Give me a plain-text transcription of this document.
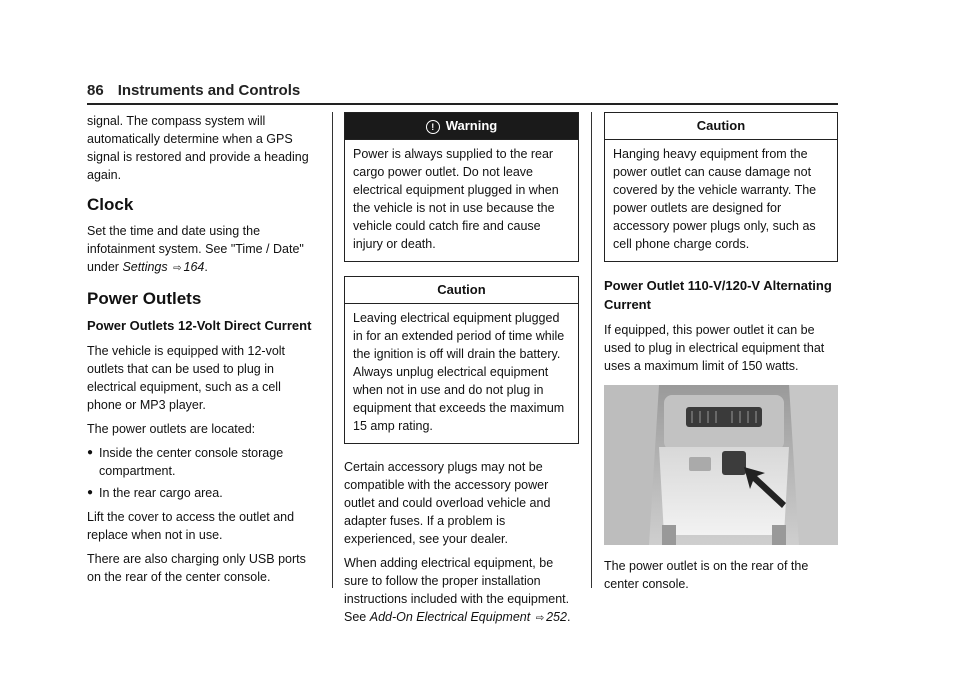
86 Instruments and Controls

signal. The compass system will automatically determine when a GPS signal is restored and provide a heading again.

Clock

Set the time and date using the infotainment system. See "Time / Date" under Settings ⇨ 164.

Power Outlets
Power Outlets 12-Volt Direct Current

The vehicle is equipped with 12-volt outlets that can be used to plug in electrical equipment, such as a cell phone or MP3 player.

The power outlets are located:

● Inside the center console storage compartment.
● In the rear cargo area.

Lift the cover to access the outlet and replace when not in use.

There are also charging only USB ports on the rear of the center console.

! Warning
Power is always supplied to the rear cargo power outlet. Do not leave electrical equipment plugged in when the vehicle is not in use because the vehicle could catch fire and cause injury or death.
Caution
Leaving electrical equipment plugged in for an extended period of time while the ignition is off will drain the battery. Always unplug electrical equipment when not in use and do not plug in equipment that exceeds the maximum 15 amp rating.

Certain accessory plugs may not be compatible with the accessory power outlet and could overload vehicle and adapter fuses. If a problem is experienced, see your dealer.

When adding electrical equipment, be sure to follow the proper installation instructions included with the equipment. See Add-On Electrical Equipment ⇨ 252.

Caution
Hanging heavy equipment from the power outlet can cause damage not covered by the vehicle warranty. The power outlets are designed for accessory power plugs only, such as cell phone charge cords.
Power Outlet 110-V/120-V Alternating Current

If equipped, this power outlet it can be used to plug in electrical equipment that uses a maximum limit of 150 watts.

The power outlet is on the rear of the center console.
